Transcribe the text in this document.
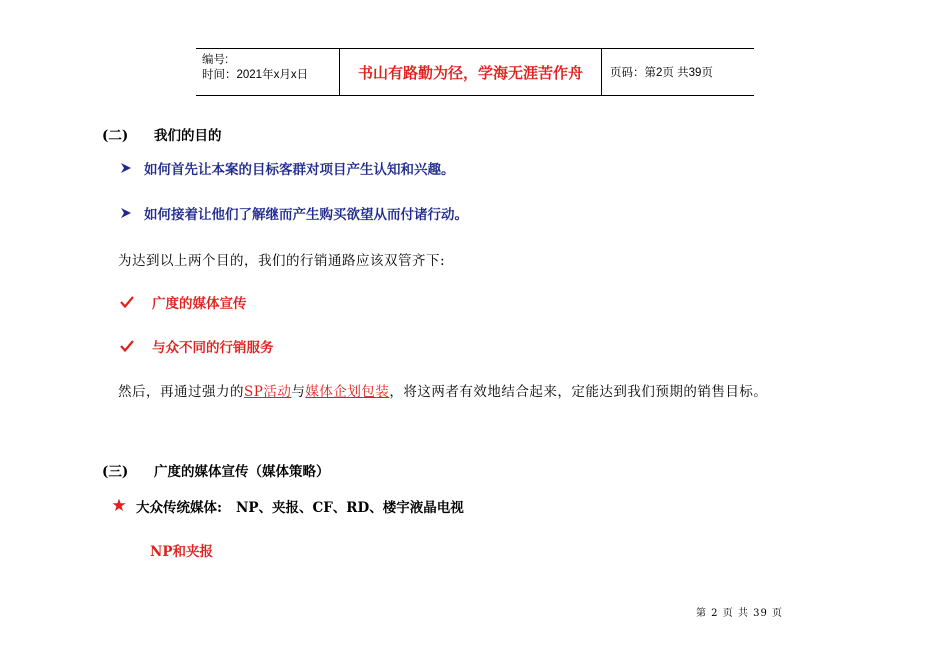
编号:
时间：2021年x月x日	书山有路勤为径，学海无涯苦作舟	页码：第2页 共39页
(二) 我们的目的
如何首先让本案的目标客群对项目产生认知和兴趣。
如何接着让他们了解继而产生购买欲望从而付诸行动。
为达到以上两个目的，我们的行销通路应该双管齐下:
广度的媒体宣传
与众不同的行销服务
然后，再通过强力的SP活动与媒体企划包装，将这两者有效地结合起来，定能达到我们预期的销售目标。
(三) 广度的媒体宣传（媒体策略）
大众传统媒体: NP、夹报、CF、RD、楼宇液晶电视
NP和夹报
第 2 页 共 39 页
